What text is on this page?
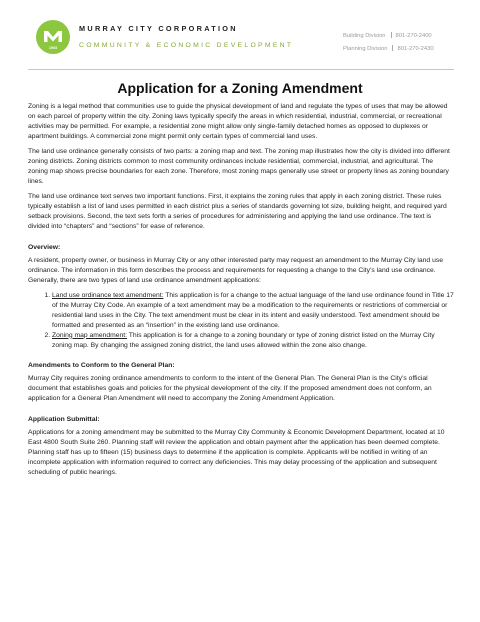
1903
MURRAY CITY CORPORATION
COMMUNITY & ECONOMIC DEVELOPMENT
Building Division 801-270-2400
Planning Division 801-270-2430
Application for a Zoning Amendment

Zoning is a legal method that communities use to guide the physical development of land and regulate the types of uses that may be allowed on each parcel of property within the city. Zoning laws typically specify the areas in which residential, industrial, commercial, or recreational activities may be permitted. For example, a residential zone might allow only single-family detached homes as opposed to duplexes or apartment buildings. A commercial zone might permit only certain types of commercial land uses.

The land use ordinance generally consists of two parts: a zoning map and text. The zoning map illustrates how the city is divided into different zoning districts. Zoning districts common to most community ordinances include residential, commercial, industrial, and agricultural. The zoning map shows precise boundaries for each zone. Therefore, most zoning maps generally use street or property lines as zoning boundary lines.

The land use ordinance text serves two important functions. First, it explains the zoning rules that apply in each zoning district. These rules typically establish a list of land uses permitted in each district plus a series of standards governing lot size, building height, and required yard setback provisions. Second, the text sets forth a series of procedures for administering and applying the land use ordinance. The text is divided into “chapters” and “sections” for ease of reference.

Overview:

A resident, property owner, or business in Murray City or any other interested party may request an amendment to the Murray City land use ordinance. The information in this form describes the process and requirements for requesting a change to the City’s land use ordinance. Generally, there are two types of land use ordinance amendment applications:

1. Land use ordinance text amendment: This application is for a change to the actual language of the land use ordinance found in Title 17 of the Murray City Code. An example of a text amendment may be a modification to the requirements or restrictions of commercial or residential land uses in the City. The text amendment must be clear in its intent and easily understood. Text amendment should be formatted and presented as an “insertion” in the existing land use ordinance.
2. Zoning map amendment: This application is for a change to a zoning boundary or type of zoning district listed on the Murray City zoning map. By changing the assigned zoning district, the land uses allowed within the zone also change.

Amendments to Conform to the General Plan:

Murray City requires zoning ordinance amendments to conform to the intent of the General Plan. The General Plan is the City’s official document that establishes goals and policies for the physical development of the city. If the proposed amendment does not conform, an application for a General Plan Amendment will need to accompany the Zoning Amendment Application.

Application Submittal:

Applications for a zoning amendment may be submitted to the Murray City Community & Economic Development Department, located at 10 East 4800 South Suite 260. Planning staff will review the application and obtain payment after the application has been deemed complete. Planning staff has up to fifteen (15) business days to determine if the application is complete. Applicants will be notified in writing of an incomplete application with information required to correct any deficiencies. This may delay processing of the application and subsequent scheduling of public hearings.
